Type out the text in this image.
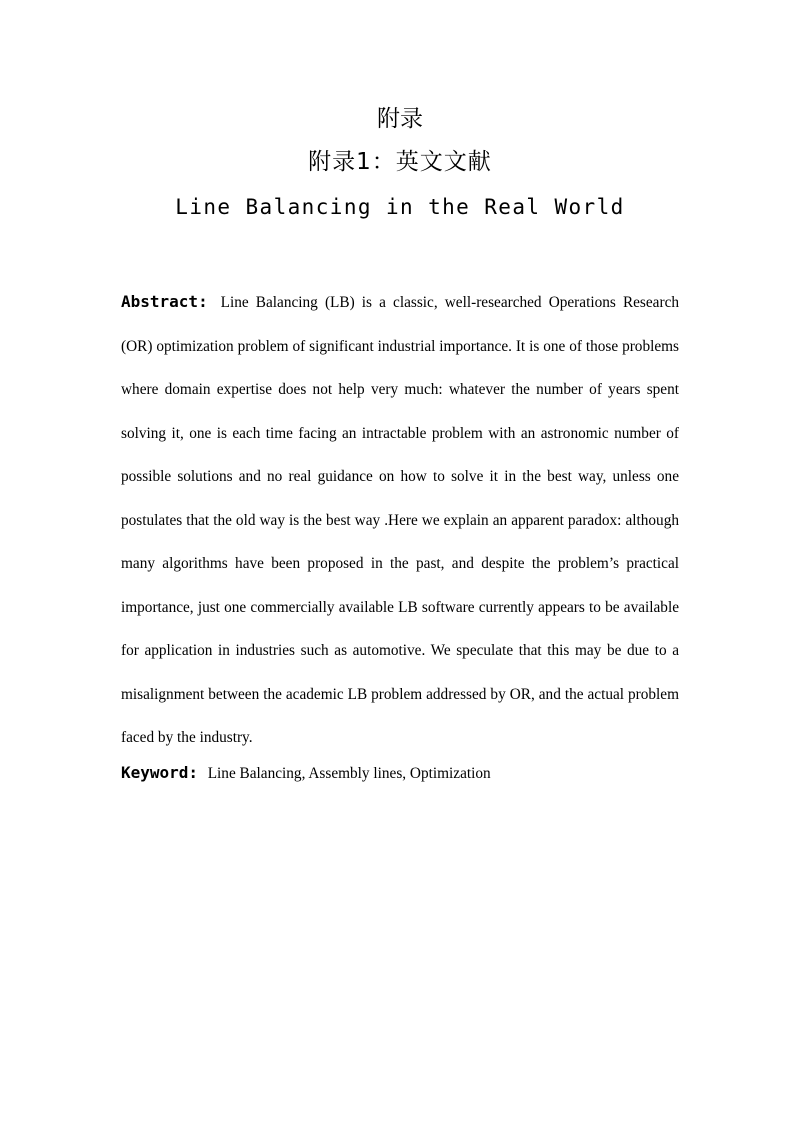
附录
附录1：英文文献
Line Balancing in the Real World
Abstract: Line Balancing (LB) is a classic, well-researched Operations Research (OR) optimization problem of significant industrial importance. It is one of those problems where domain expertise does not help very much: whatever the number of years spent solving it, one is each time facing an intractable problem with an astronomic number of possible solutions and no real guidance on how to solve it in the best way, unless one postulates that the old way is the best way .Here we explain an apparent paradox: although many algorithms have been proposed in the past, and despite the problem’s practical importance, just one commercially available LB software currently appears to be available for application in industries such as automotive. We speculate that this may be due to a misalignment between the academic LB problem addressed by OR, and the actual problem faced by the industry.
Keyword: Line Balancing, Assembly lines, Optimization
